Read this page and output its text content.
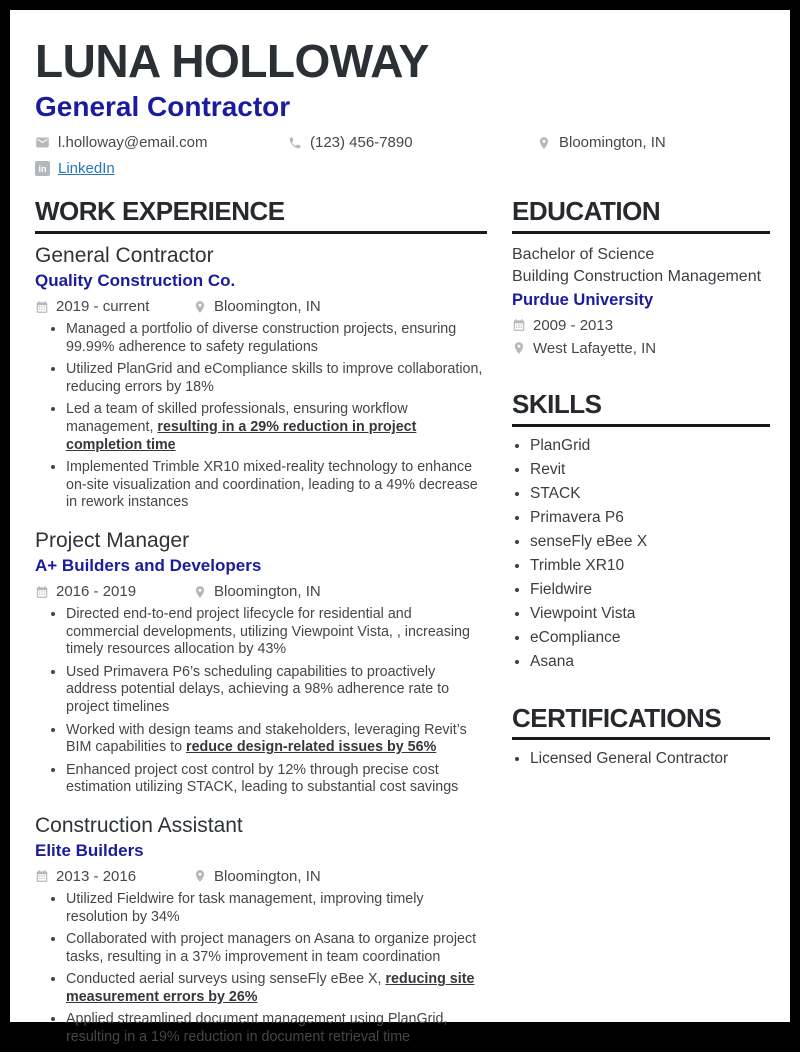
LUNA HOLLOWAY
General Contractor
l.holloway@email.com	(123) 456-7890	Bloomington, IN
in LinkedIn
WORK EXPERIENCE
General Contractor
Quality Construction Co.
2019 - current	Bloomington, IN
• Managed a portfolio of diverse construction projects, ensuring 99.99% adherence to safety regulations
• Utilized PlanGrid and eCompliance skills to improve collaboration, reducing errors by 18%
• Led a team of skilled professionals, ensuring workflow management, resulting in a 29% reduction in project completion time
• Implemented Trimble XR10 mixed-reality technology to enhance on-site visualization and coordination, leading to a 49% decrease in rework instances
Project Manager
A+ Builders and Developers
2016 - 2019	Bloomington, IN
• Directed end-to-end project lifecycle for residential and commercial developments, utilizing Viewpoint Vista, , increasing timely resources allocation by 43%
• Used Primavera P6’s scheduling capabilities to proactively address potential delays, achieving a 98% adherence rate to project timelines
• Worked with design teams and stakeholders, leveraging Revit’s BIM capabilities to reduce design-related issues by 56%
• Enhanced project cost control by 12% through precise cost estimation utilizing STACK, leading to substantial cost savings
Construction Assistant
Elite Builders
2013 - 2016	Bloomington, IN
• Utilized Fieldwire for task management, improving timely resolution by 34%
• Collaborated with project managers on Asana to organize project tasks, resulting in a 37% improvement in team coordination
• Conducted aerial surveys using senseFly eBee X, reducing site measurement errors by 26%
• Applied streamlined document management using PlanGrid, resulting in a 19% reduction in document retrieval time
EDUCATION
Bachelor of Science
Building Construction Management
Purdue University
2009 - 2013
West Lafayette, IN
SKILLS
• PlanGrid
• Revit
• STACK
• Primavera P6
• senseFly eBee X
• Trimble XR10
• Fieldwire
• Viewpoint Vista
• eCompliance
• Asana
CERTIFICATIONS
• Licensed General Contractor
